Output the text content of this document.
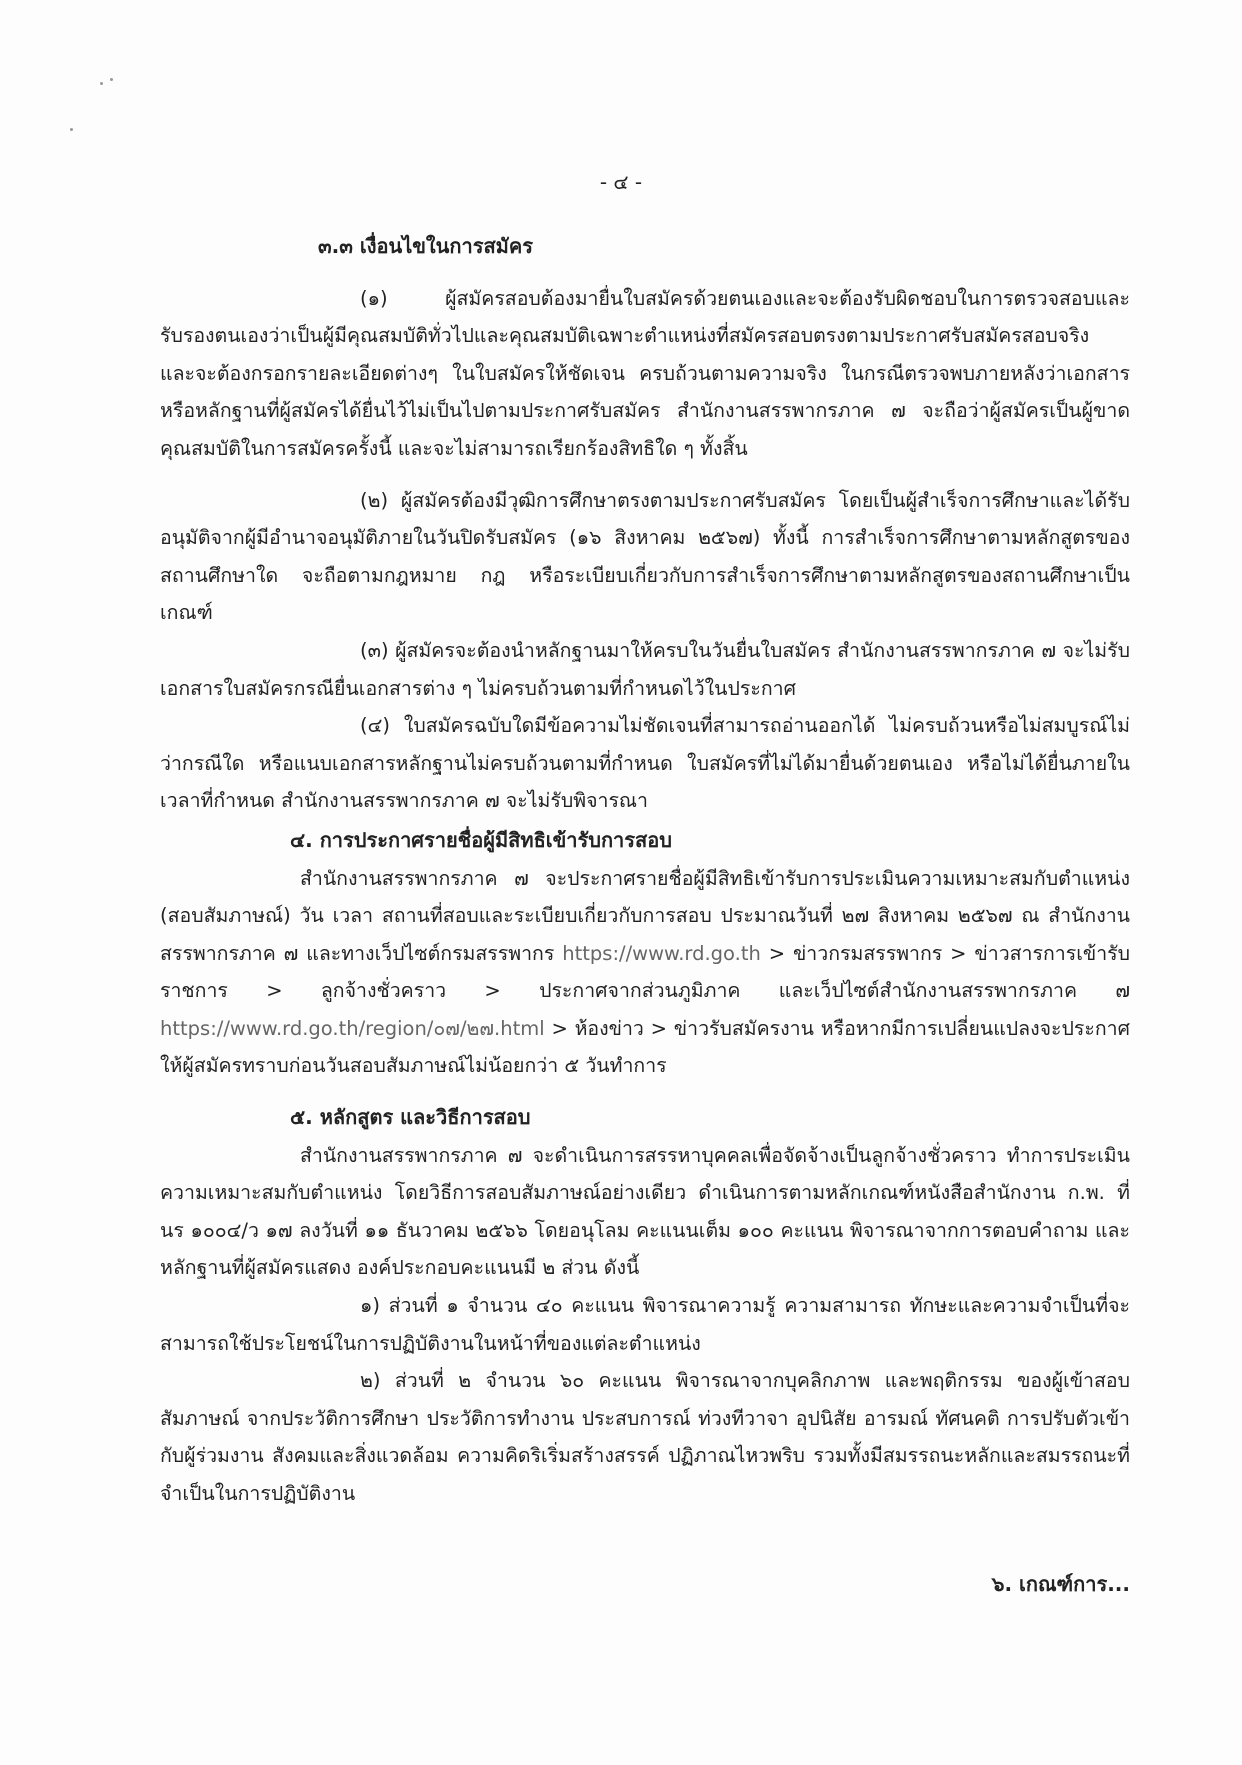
- ๔ -

๓.๓ เงื่อนไขในการสมัคร

(๑) ผู้สมัครสอบต้องมายื่นใบสมัครด้วยตนเองและจะต้องรับผิดชอบในการตรวจสอบและรับรองตนเองว่าเป็นผู้มีคุณสมบัติทั่วไปและคุณสมบัติเฉพาะตำแหน่งที่สมัครสอบตรงตามประกาศรับสมัครสอบจริง และจะต้องกรอกรายละเอียดต่างๆ ในใบสมัครให้ชัดเจน ครบถ้วนตามความจริง ในกรณีตรวจพบภายหลังว่าเอกสารหรือหลักฐานที่ผู้สมัครได้ยื่นไว้ไม่เป็นไปตามประกาศรับสมัคร สำนักงานสรรพากรภาค ๗ จะถือว่าผู้สมัครเป็นผู้ขาดคุณสมบัติในการสมัครครั้งนี้ และจะไม่สามารถเรียกร้องสิทธิใด ๆ ทั้งสิ้น

(๒) ผู้สมัครต้องมีวุฒิการศึกษาตรงตามประกาศรับสมัคร โดยเป็นผู้สำเร็จการศึกษาและได้รับอนุมัติจากผู้มีอำนาจอนุมัติภายในวันปิดรับสมัคร (๑๖ สิงหาคม ๒๕๖๗) ทั้งนี้ การสำเร็จการศึกษาตามหลักสูตรของสถานศึกษาใด จะถือตามกฎหมาย กฎ หรือระเบียบเกี่ยวกับการสำเร็จการศึกษาตามหลักสูตรของสถานศึกษาเป็นเกณฑ์

(๓) ผู้สมัครจะต้องนำหลักฐานมาให้ครบในวันยื่นใบสมัคร สำนักงานสรรพากรภาค ๗ จะไม่รับเอกสารใบสมัครกรณียื่นเอกสารต่าง ๆ ไม่ครบถ้วนตามที่กำหนดไว้ในประกาศ

(๔) ใบสมัครฉบับใดมีข้อความไม่ชัดเจนที่สามารถอ่านออกได้ ไม่ครบถ้วนหรือไม่สมบูรณ์ไม่ว่ากรณีใด หรือแนบเอกสารหลักฐานไม่ครบถ้วนตามที่กำหนด ใบสมัครที่ไม่ได้มายื่นด้วยตนเอง หรือไม่ได้ยื่นภายในเวลาที่กำหนด สำนักงานสรรพากรภาค ๗ จะไม่รับพิจารณา

๔. การประกาศรายชื่อผู้มีสิทธิเข้ารับการสอบ

สำนักงานสรรพากรภาค ๗ จะประกาศรายชื่อผู้มีสิทธิเข้ารับการประเมินความเหมาะสมกับตำแหน่ง (สอบสัมภาษณ์) วัน เวลา สถานที่สอบและระเบียบเกี่ยวกับการสอบ ประมาณวันที่ ๒๗ สิงหาคม ๒๕๖๗ ณ สำนักงานสรรพากรภาค ๗ และทางเว็ปไซต์กรมสรรพากร https://www.rd.go.th > ข่าวกรมสรรพากร > ข่าวสารการเข้ารับราชการ > ลูกจ้างชั่วคราว > ประกาศจากส่วนภูมิภาค และเว็ปไซต์สำนักงานสรรพากรภาค ๗ https://www.rd.go.th/region/๐๗/๒๗.html > ห้องข่าว > ข่าวรับสมัครงาน หรือหากมีการเปลี่ยนแปลงจะประกาศให้ผู้สมัครทราบก่อนวันสอบสัมภาษณ์ไม่น้อยกว่า ๕ วันทำการ

๕. หลักสูตร และวิธีการสอบ

สำนักงานสรรพากรภาค ๗ จะดำเนินการสรรหาบุคคลเพื่อจัดจ้างเป็นลูกจ้างชั่วคราว ทำการประเมินความเหมาะสมกับตำแหน่ง โดยวิธีการสอบสัมภาษณ์อย่างเดียว ดำเนินการตามหลักเกณฑ์หนังสือสำนักงาน ก.พ. ที่ นร ๑๐๐๔/ว ๑๗ ลงวันที่ ๑๑ ธันวาคม ๒๕๖๖ โดยอนุโลม คะแนนเต็ม ๑๐๐ คะแนน พิจารณาจากการตอบคำถาม และหลักฐานที่ผู้สมัครแสดง องค์ประกอบคะแนนมี ๒ ส่วน ดังนี้

๑) ส่วนที่ ๑ จำนวน ๔๐ คะแนน พิจารณาความรู้ ความสามารถ ทักษะและความจำเป็นที่จะสามารถใช้ประโยชน์ในการปฏิบัติงานในหน้าที่ของแต่ละตำแหน่ง

๒) ส่วนที่ ๒ จำนวน ๖๐ คะแนน พิจารณาจากบุคลิกภาพ และพฤติกรรม ของผู้เข้าสอบสัมภาษณ์ จากประวัติการศึกษา ประวัติการทำงาน ประสบการณ์ ท่วงทีวาจา อุปนิสัย อารมณ์ ทัศนคติ การปรับตัวเข้ากับผู้ร่วมงาน สังคมและสิ่งแวดล้อม ความคิดริเริ่มสร้างสรรค์ ปฏิภาณไหวพริบ รวมทั้งมีสมรรถนะหลักและสมรรถนะที่จำเป็นในการปฏิบัติงาน

๖. เกณฑ์การ...
